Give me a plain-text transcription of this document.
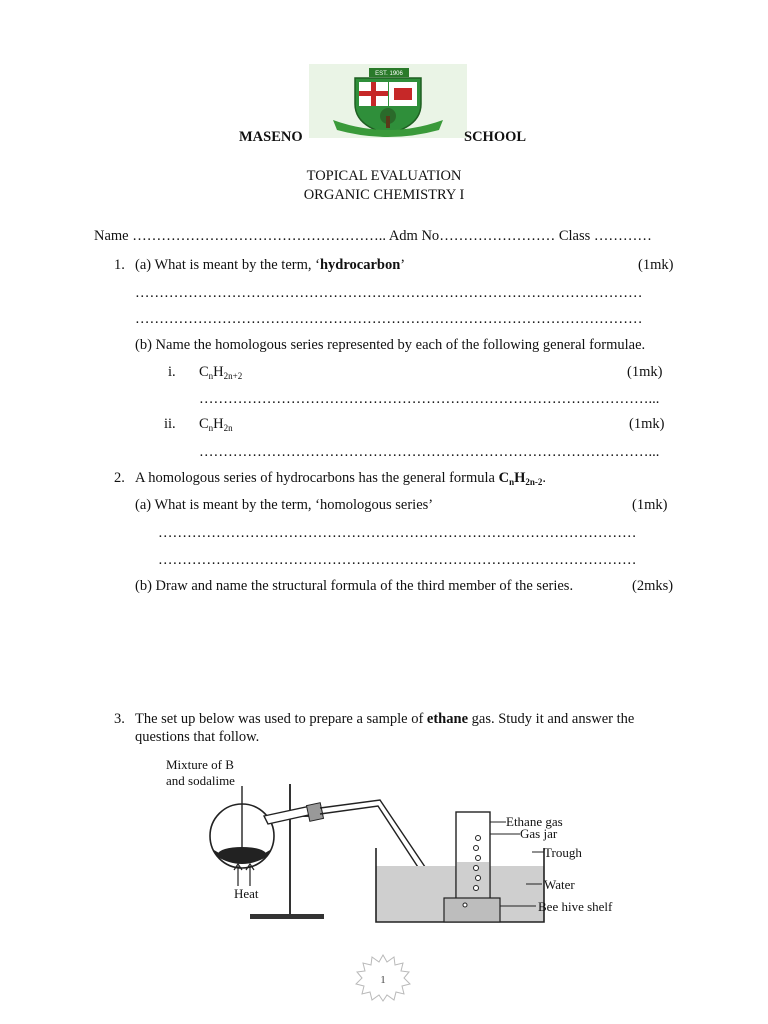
EST. 1906
MASENO	SCHOOL
TOPICAL EVALUATION
ORGANIC CHEMISTRY I
Name …………………………………………….. Adm No…………………… Class …………
1. (a) What is meant by the term, ‘hydrocarbon’	(1mk)
……………………………………………………………………………………………
……………………………………………………………………………………………
(b) Name the homologous series represented by each of the following general formulae.
i. $C_nH_{2n+2}$	(1mk)
…………………………………………………………………………………...
ii. $C_nH_{2n}$	(1mk)
…………………………………………………………………………………...
2. A homologous series of hydrocarbons has the general formula $C_nH_{2n-2}$.
(a) What is meant by the term, ‘homologous series’	(1mk)
………………………………………………………………………………………
………………………………………………………………………………………
(b) Draw and name the structural formula of the third member of the series.	(2mks)
3. The set up below was used to prepare a sample of ethane gas. Study it and answer the
questions that follow.
Mixture of B
and sodalime
Heat
Ethane gas
Gas jar
Trough
Water
Bee hive shelf
1
